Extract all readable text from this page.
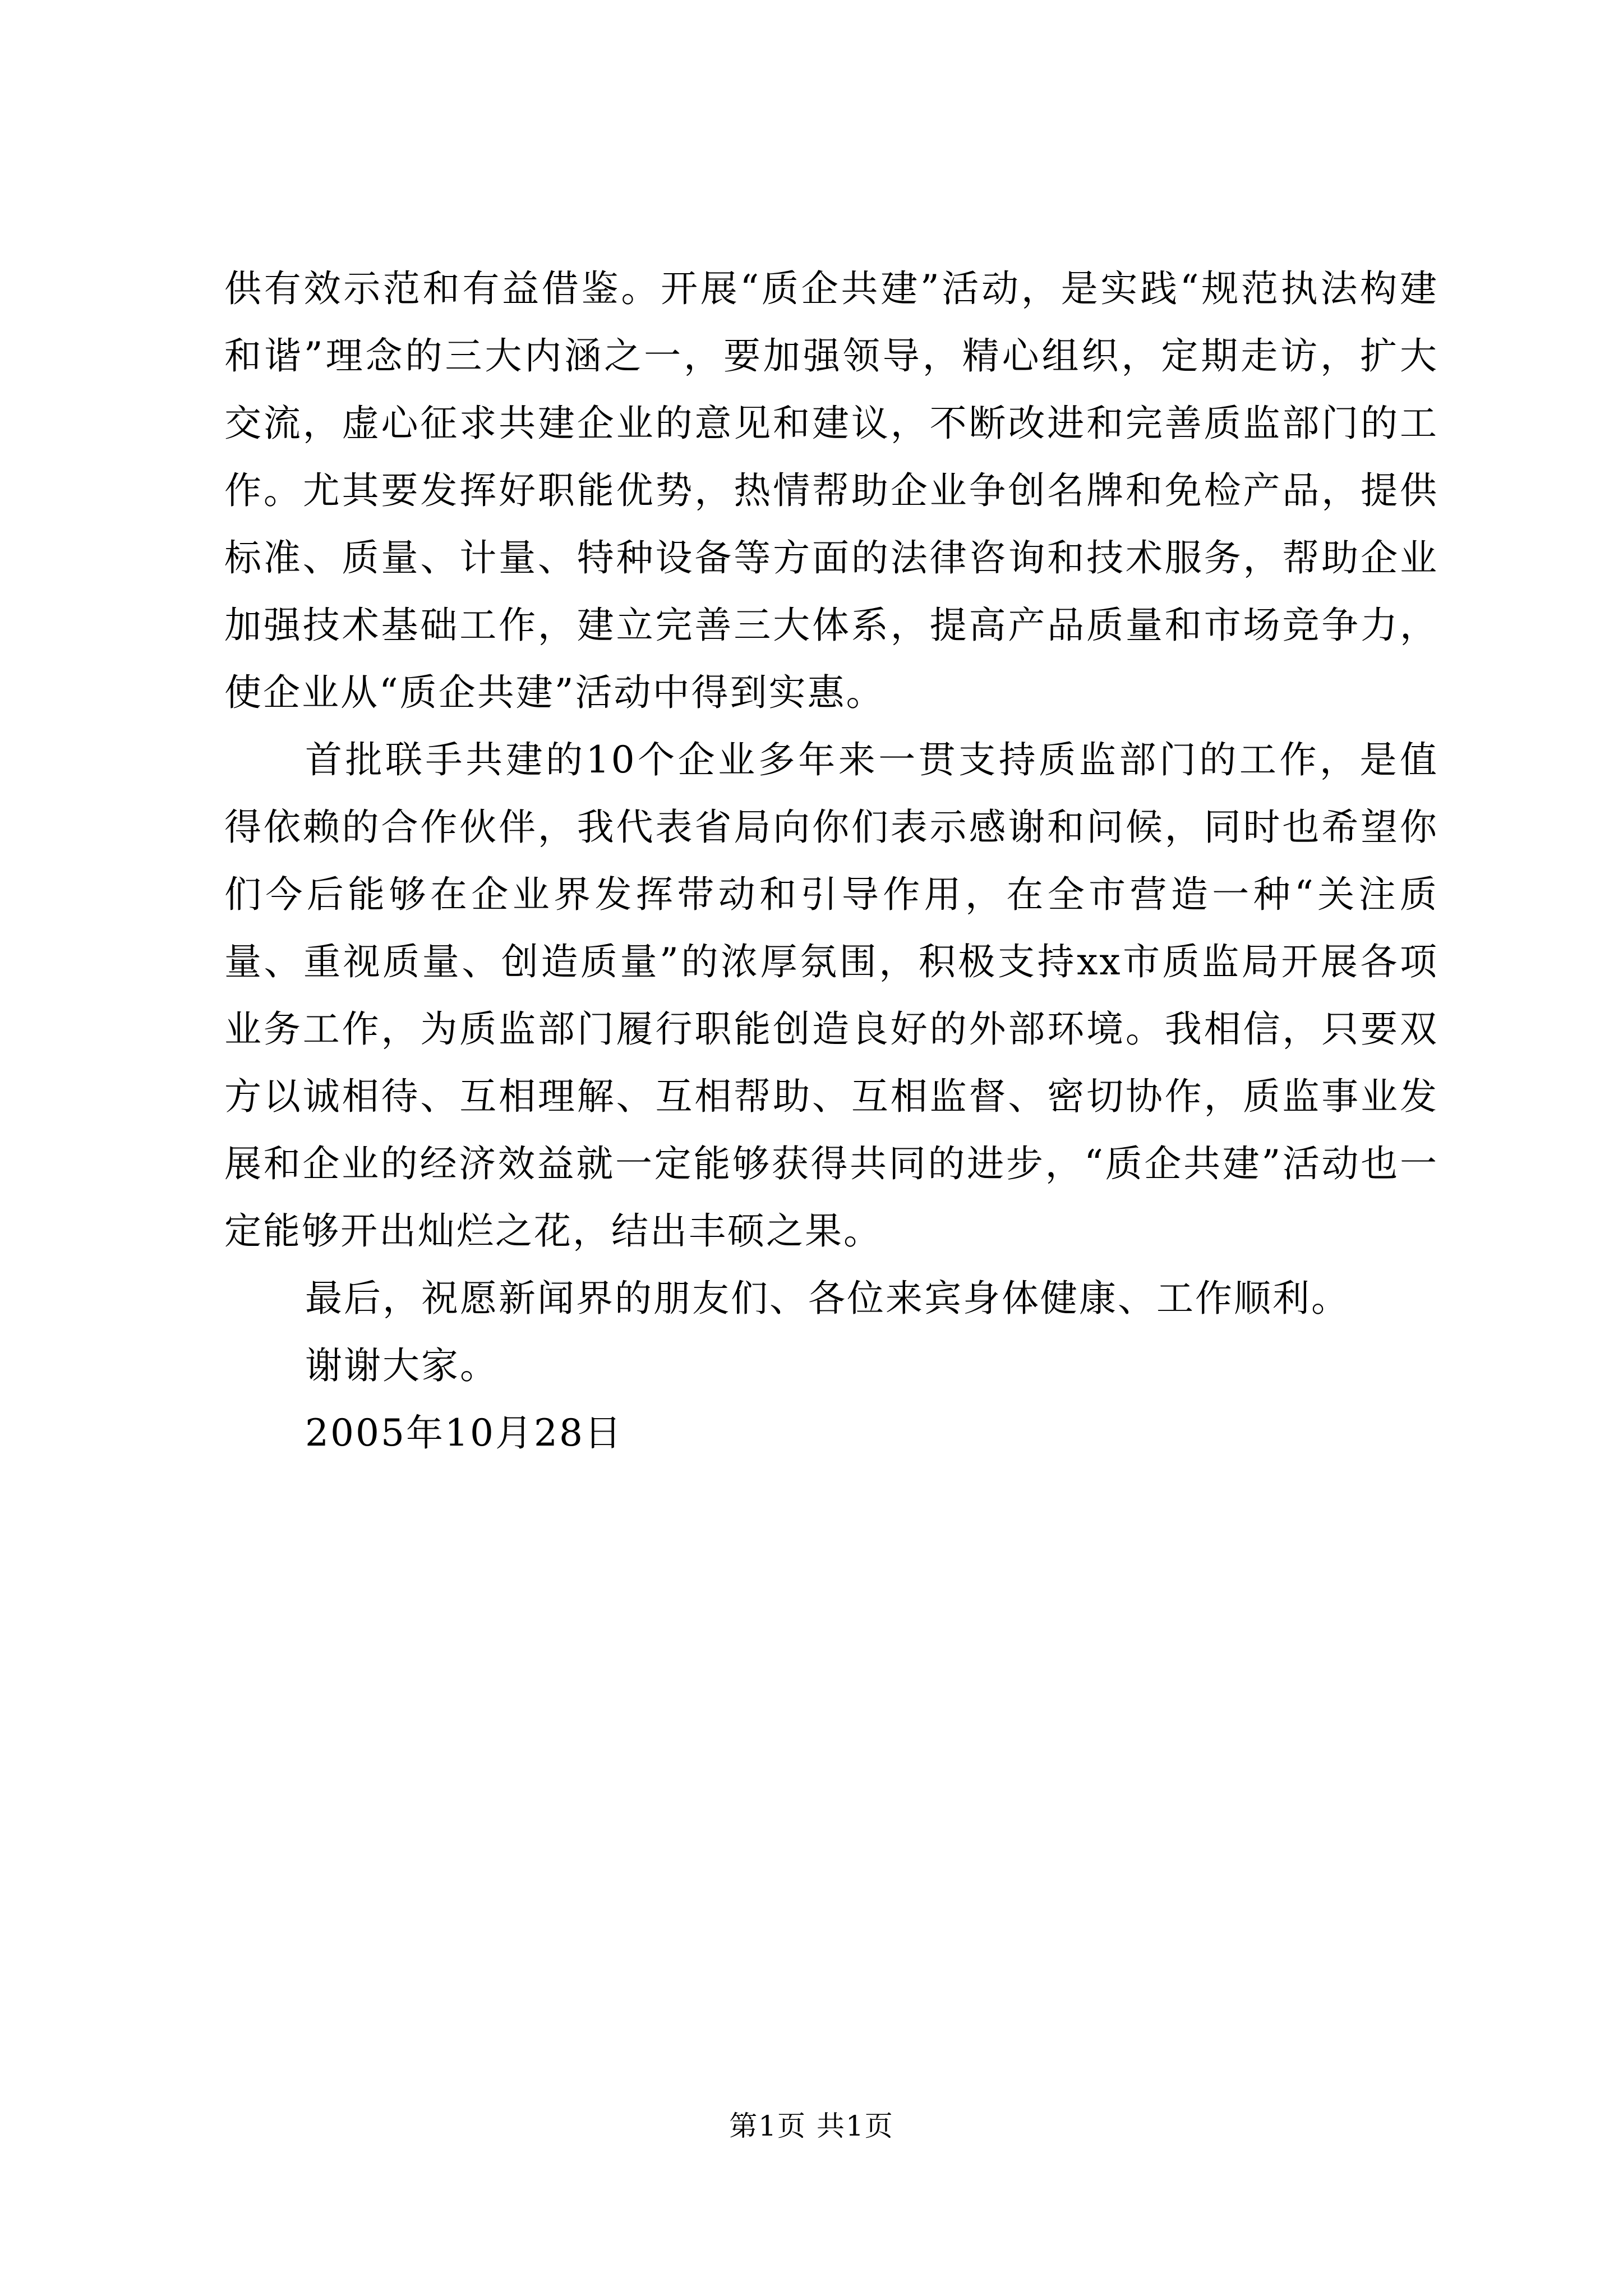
供有效示范和有益借鉴。开展“质企共建”活动，是实践“规范执法构建和谐”理念的三大内涵之一，要加强领导，精心组织，定期走访，扩大交流，虚心征求共建企业的意见和建议，不断改进和完善质监部门的工作。尤其要发挥好职能优势，热情帮助企业争创名牌和免检产品，提供标准、质量、计量、特种设备等方面的法律咨询和技术服务，帮助企业加强技术基础工作，建立完善三大体系，提高产品质量和市场竞争力，使企业从“质企共建”活动中得到实惠。

首批联手共建的10个企业多年来一贯支持质监部门的工作，是值得依赖的合作伙伴，我代表省局向你们表示感谢和问候，同时也希望你们今后能够在企业界发挥带动和引导作用，在全市营造一种“关注质量、重视质量、创造质量”的浓厚氛围，积极支持xx市质监局开展各项业务工作，为质监部门履行职能创造良好的外部环境。我相信，只要双方以诚相待、互相理解、互相帮助、互相监督、密切协作，质监事业发展和企业的经济效益就一定能够获得共同的进步，“质企共建”活动也一定能够开出灿烂之花，结出丰硕之果。

最后，祝愿新闻界的朋友们、各位来宾身体健康、工作顺利。

谢谢大家。

2005年10月28日

第1页 共1页
